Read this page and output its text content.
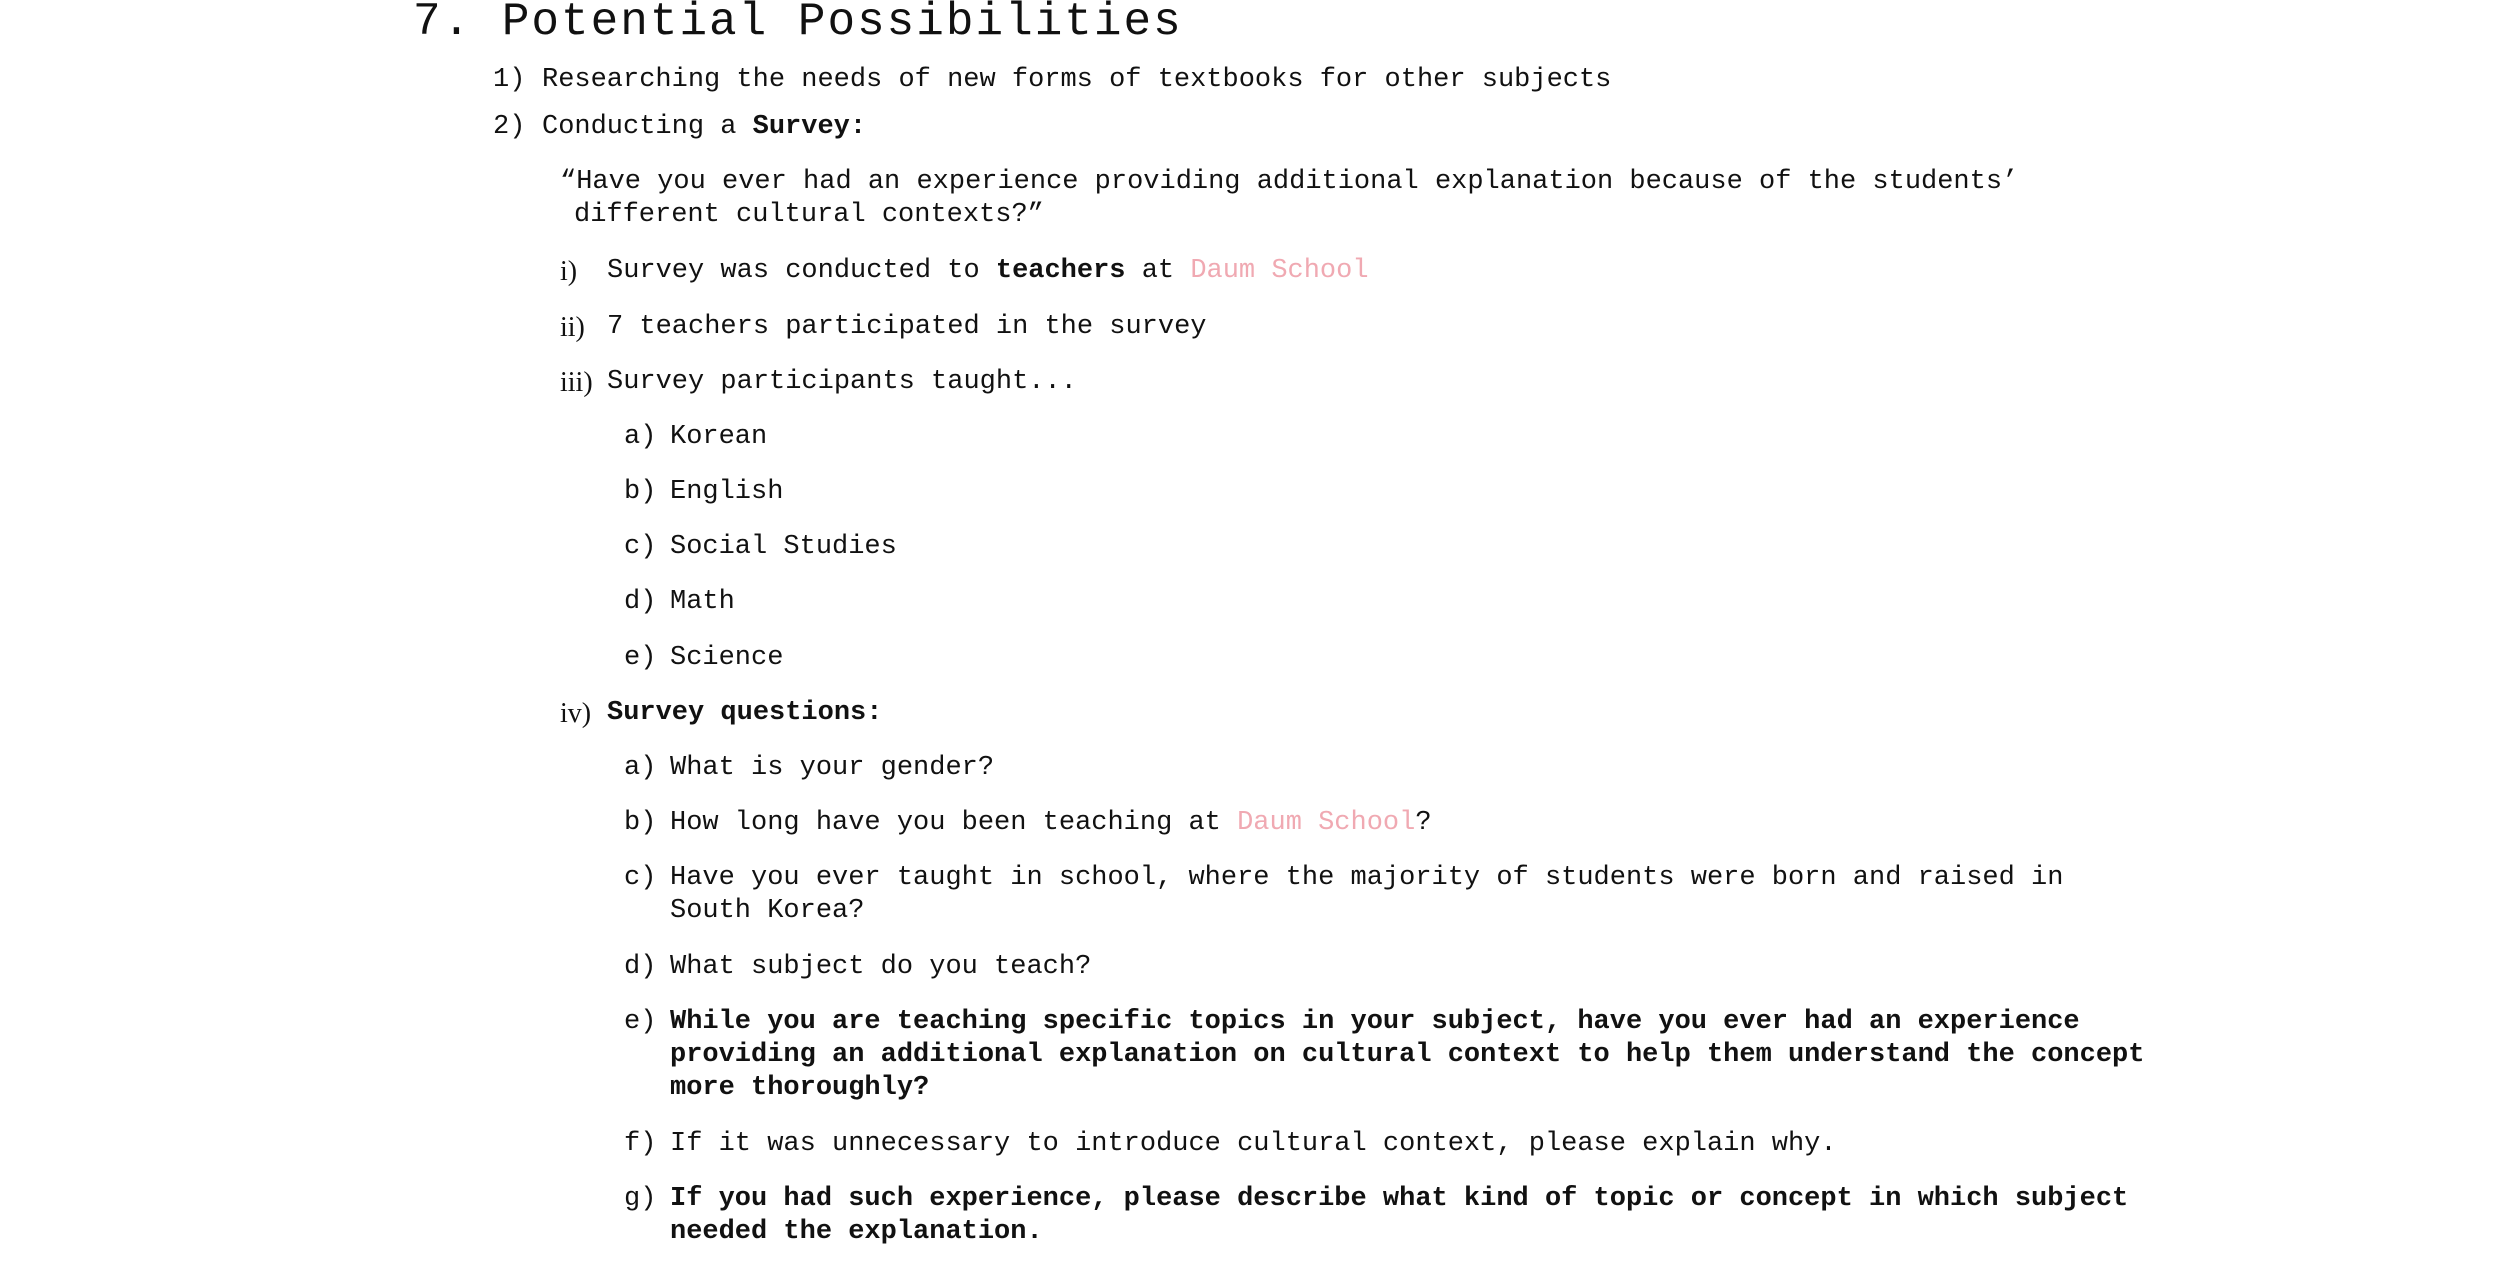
7. Potential Possibilities
1) Researching the needs of new forms of textbooks for other subjects
2) Conducting a Survey:
“Have you ever had an experience providing additional explanation because of the students’
different cultural contexts?”
i) Survey was conducted to teachers at Daum School
ii) 7 teachers participated in the survey
iii) Survey participants taught...
a) Korean
b) English
c) Social Studies
d) Math
e) Science
iv) Survey questions:
a) What is your gender?
b) How long have you been teaching at Daum School?
c) Have you ever taught in school, where the majority of students were born and raised in
South Korea?
d) What subject do you teach?
e) While you are teaching specific topics in your subject, have you ever had an experience
providing an additional explanation on cultural context to help them understand the concept
more thoroughly?
f) If it was unnecessary to introduce cultural context, please explain why.
g) If you had such experience, please describe what kind of topic or concept in which subject
needed the explanation.
